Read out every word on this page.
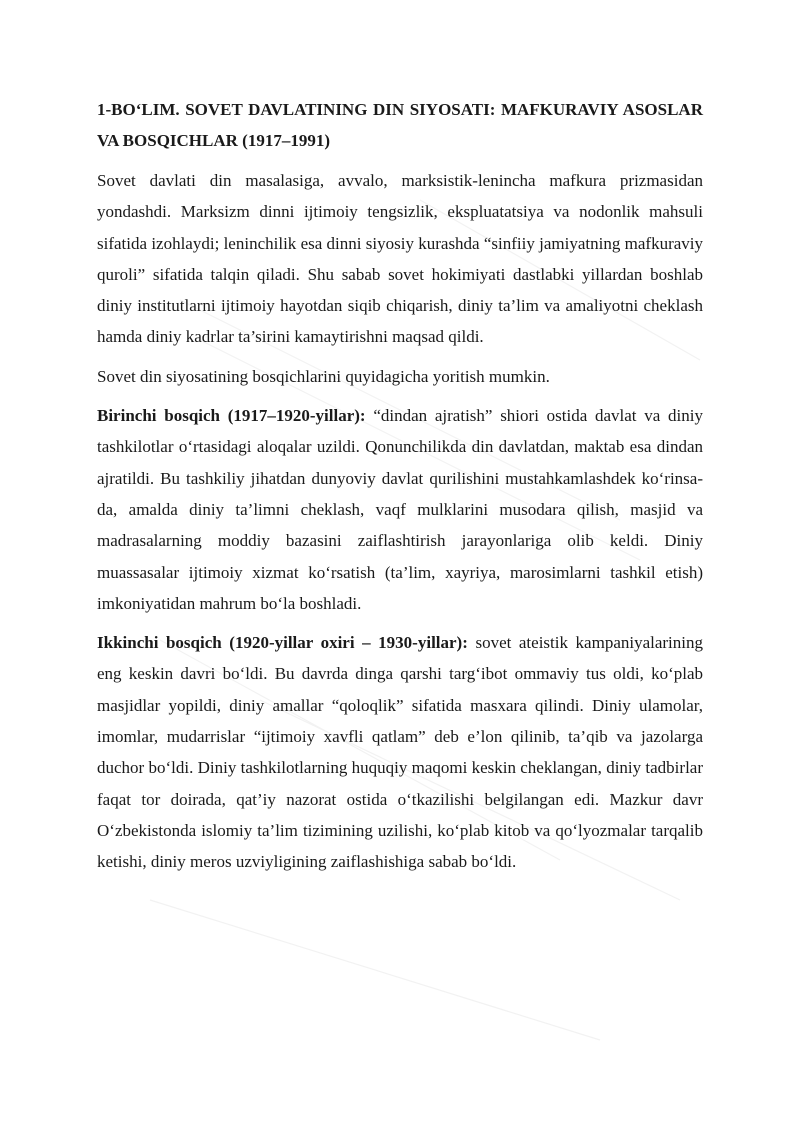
1-BO‘LIM. SOVET DAVLATINING DIN SIYOSATI: MAFKURAVIY ASOSLAR VA BOSQICHLAR (1917–1991)

Sovet davlati din masalasiga, avvalo, marksistik-lenincha mafkura prizmasidan yondashdi. Marksizm dinni ijtimoiy tengsizlik, ekspluatatsiya va nodonlik mahsuli sifatida izohlaydi; leninchilik esa dinni siyosiy kurashda “sinfiiy jamiyatning mafkuraviy quroli” sifatida talqin qiladi. Shu sabab sovet hokimiyati dastlabki yillardan boshlab diniy institutlarni ijtimoiy hayotdan siqib chiqarish, diniy ta’lim va amaliyotni cheklash hamda diniy kadrlar ta’sirini kamaytirishni maqsad qildi.

Sovet din siyosatining bosqichlarini quyidagicha yoritish mumkin.

Birinchi bosqich (1917–1920-yillar): “dindan ajratish” shiori ostida davlat va diniy tashkilotlar o‘rtasidagi aloqalar uzildi. Qonunchilikda din davlatdan, maktab esa dindan ajratildi. Bu tashkiliy jihatdan dunyoviy davlat qurilishini mustahkamlashdek ko‘rinsa-da, amalda diniy ta’limni cheklash, vaqf mulklarini musodara qilish, masjid va madrasalarning moddiy bazasini zaiflashtirish jarayonlariga olib keldi. Diniy muassasalar ijtimoiy xizmat ko‘rsatish (ta’lim, xayriya, marosimlarni tashkil etish) imkoniyatidan mahrum bo‘la boshladi.

Ikkinchi bosqich (1920-yillar oxiri – 1930-yillar): sovet ateistik kampaniyalarining eng keskin davri bo‘ldi. Bu davrda dinga qarshi targ‘ibot ommaviy tus oldi, ko‘plab masjidlar yopildi, diniy amallar “qoloqlik” sifatida masxara qilindi. Diniy ulamolar, imomlar, mudarrislar “ijtimoiy xavfli qatlam” deb e’lon qilinib, ta’qib va jazolarga duchor bo‘ldi. Diniy tashkilotlarning huquqiy maqomi keskin cheklangan, diniy tadbirlar faqat tor doirada, qat’iy nazorat ostida o‘tkazilishi belgilangan edi. Mazkur davr O‘zbekistonda islomiy ta’lim tizimining uzilishi, ko‘plab kitob va qo‘lyozmalar tarqalib ketishi, diniy meros uzviyligining zaiflashishiga sabab bo‘ldi.
